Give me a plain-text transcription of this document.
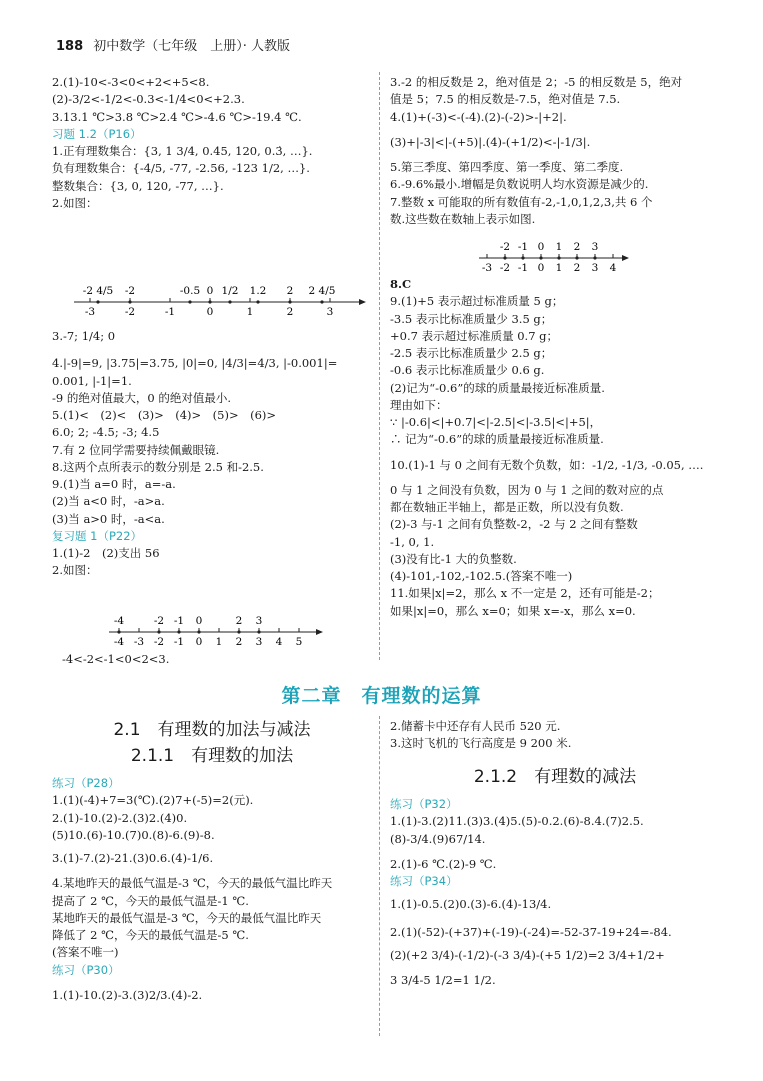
188 初中数学（七年级　上册）· 人教版

2.(1)-10<-3<0<+2<+5<8.

(2)-3/2<-1/2<-0.3<-1/4<0<+2.3.

3.13.1 ℃>3.8 ℃>2.4 ℃>-4.6 ℃>-19.4 ℃.

习题 1.2（P16）

1.正有理数集合：{3, 1 3/4, 0.45, 120, 0.3̇, …}.

负有理数集合：{-4/5, -77, -2.56, -123 1/2, …}.

整数集合：{3, 0, 120, -77, …}.

2.如图：

-3	-2	-1	0	1	2	3
-2 4/5 -2	-0.5 0 1/2 1.2 2 2 4/5

3.-7; 1/4; 0

4.|-9|=9, |3.75|=3.75, |0|=0, |4/3|=4/3, |-0.001|=

0.001, |-1|=1.

-9 的绝对值最大，0 的绝对值最小.

5.(1)<　(2)<　(3)>　(4)>　(5)>　(6)>

6.0; 2; -4.5; -3; 4.5

7.有 2 位同学需要持续佩戴眼镜.

8.这两个点所表示的数分别是 2.5 和-2.5.

9.(1)当 a=0 时，a=-a.

(2)当 a<0 时，-a>a.

(3)当 a>0 时，-a<a.

复习题 1（P22）

1.(1)-2　(2)支出 56

2.如图：

-4 -3 -2 -1 0 1 2 3 4 5
-4	-2 -1 0	2 3

-4<-2<-1<0<2<3.

3.-2 的相反数是 2，绝对值是 2；-5 的相反数是 5，绝对

值是 5；7.5 的相反数是-7.5，绝对值是 7.5.

4.(1)+(-3)<-(-4).(2)-(-2)>-|+2|.

(3)+|-3|<|-(+5)|.(4)-(+1/2)<-|-1/3|.

5.第三季度、第四季度、第一季度、第二季度.

6.-9.6%最小.增幅是负数说明人均水资源是减少的.

7.整数 x 可能取的所有数值有-2,-1,0,1,2,3,共 6 个

数.这些数在数轴上表示如图.

-3 -2 -1 0 1 2 3 4
-2 -1 0 1 2 3

8.C

9.(1)+5 表示超过标准质量 5 g；

-3.5 表示比标准质量少 3.5 g；

+0.7 表示超过标准质量 0.7 g；

-2.5 表示比标准质量少 2.5 g；

-0.6 表示比标准质量少 0.6 g.

(2)记为“-0.6”的球的质量最接近标准质量.

理由如下：

∵ |-0.6|<|+0.7|<|-2.5|<|-3.5|<|+5|，

∴ 记为“-0.6”的球的质量最接近标准质量.

10.(1)-1 与 0 之间有无数个负数，如：-1/2, -1/3, -0.05, ….

0 与 1 之间没有负数，因为 0 与 1 之间的数对应的点

都在数轴正半轴上，都是正数，所以没有负数.

(2)-3 与-1 之间有负整数-2，-2 与 2 之间有整数

-1, 0, 1.

(3)没有比-1 大的负整数.

(4)-101,-102,-102.5.(答案不唯一)

11.如果|x|=2，那么 x 不一定是 2，还有可能是-2；

如果|x|=0，那么 x=0；如果 x=-x，那么 x=0.

第二章　有理数的运算

2.1　有理数的加法与减法

2.1.1　有理数的加法

练习（P28）

1.(1)(-4)+7=3(℃).(2)7+(-5)=2(元).

2.(1)-10.(2)-2.(3)2.(4)0.

(5)10.(6)-10.(7)0.(8)-6.(9)-8.

3.(1)-7.(2)-21.(3)0.6.(4)-1/6.

4.某地昨天的最低气温是-3 ℃，今天的最低气温比昨天

提高了 2 ℃，今天的最低气温是-1 ℃.

某地昨天的最低气温是-3 ℃，今天的最低气温比昨天

降低了 2 ℃，今天的最低气温是-5 ℃.

(答案不唯一)

练习（P30）

1.(1)-10.(2)-3.(3)2/3.(4)-2.

2.储蓄卡中还存有人民币 520 元.

3.这时飞机的飞行高度是 9 200 米.

2.1.2　有理数的减法

练习（P32）

1.(1)-3.(2)11.(3)3.(4)5.(5)-0.2.(6)-8.4.(7)2.5.

(8)-3/4.(9)67/14.

2.(1)-6 ℃.(2)-9 ℃.

练习（P34）

1.(1)-0.5.(2)0.(3)-6.(4)-13/4.

2.(1)(-52)-(+37)+(-19)-(-24)=-52-37-19+24=-84.

(2)(+2 3/4)-(-1/2)-(-3 3/4)-(+5 1/2)=2 3/4+1/2+

3 3/4-5 1/2=1 1/2.
